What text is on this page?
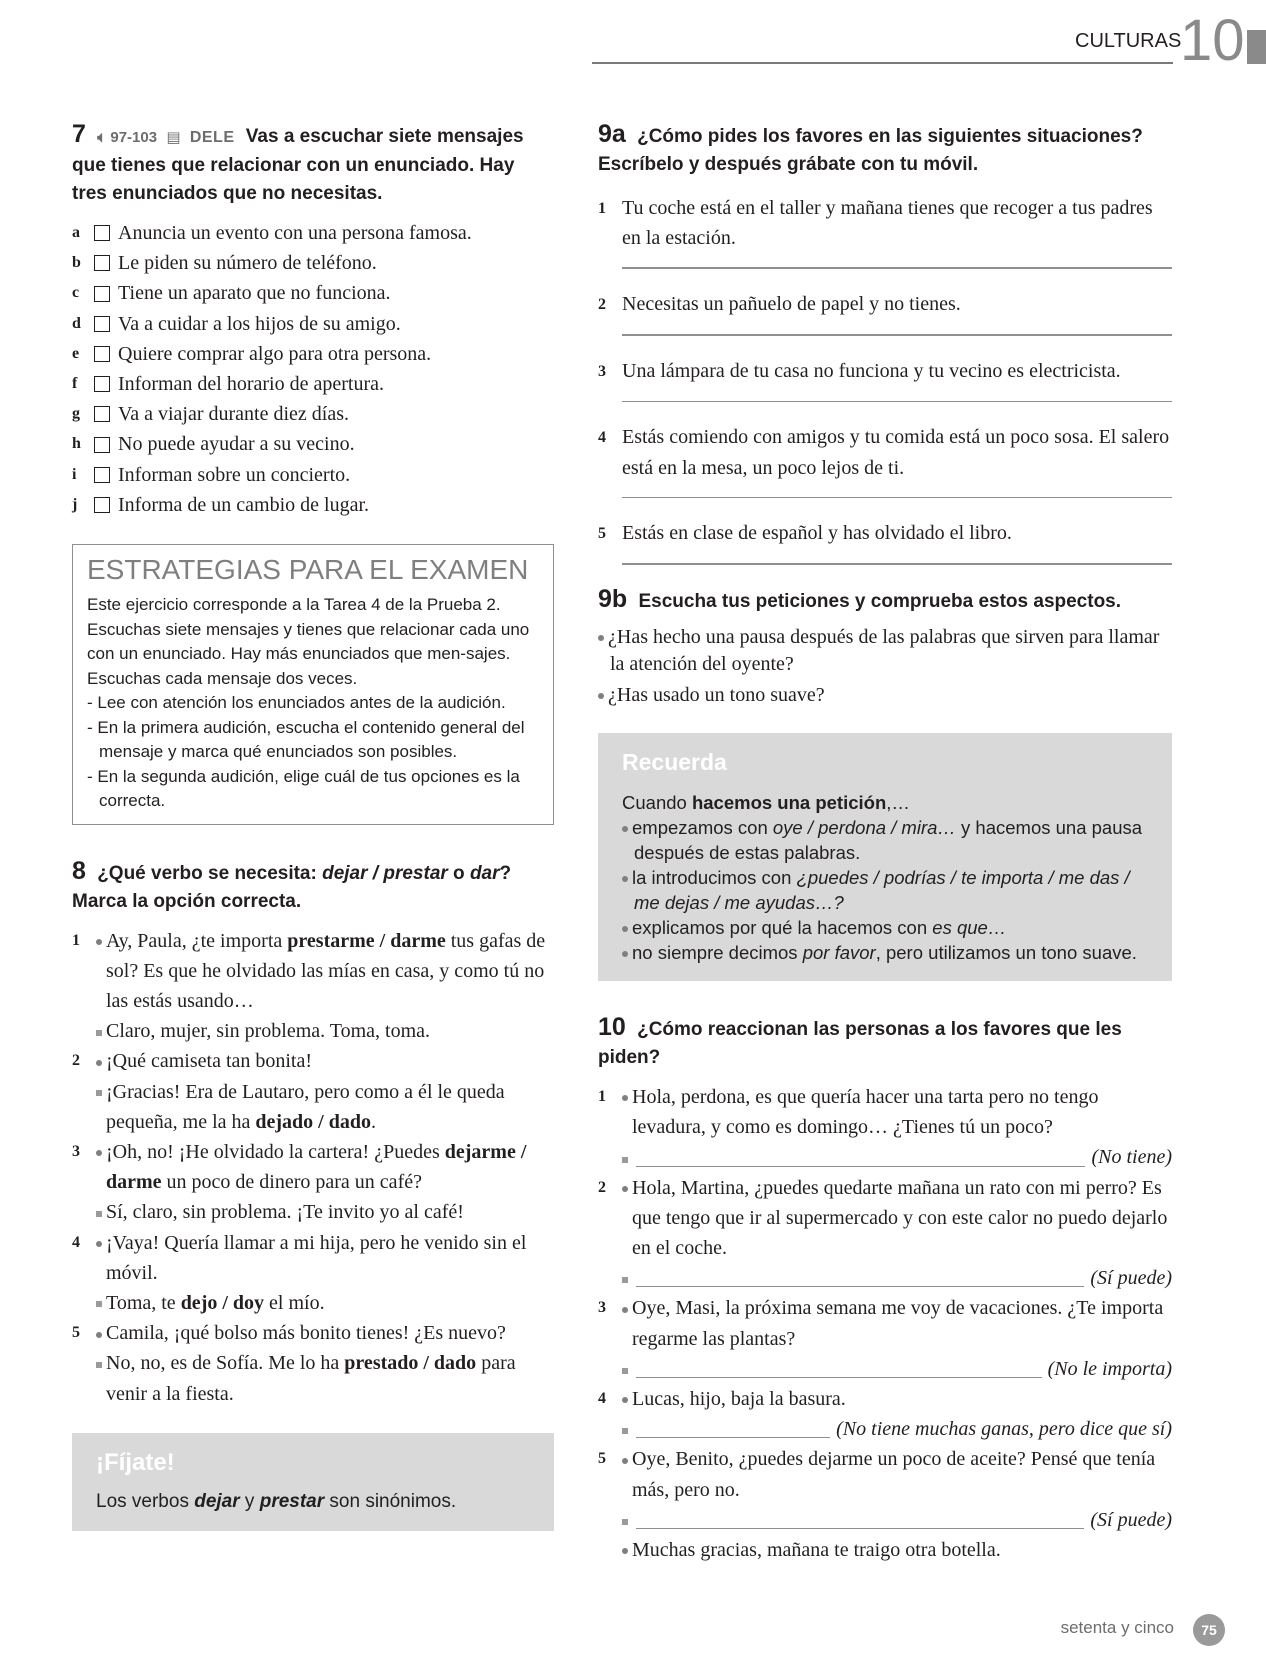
CULTURAS
10

7 🔈︎ 97-103 ▤ DELE Vas a escuchar siete mensajes que tienes que relacionar con un enunciado. Hay tres enunciados que no necesitas.

a	Anuncia un evento con una persona famosa.
b	Le piden su número de teléfono.
c	Tiene un aparato que no funciona.
d	Va a cuidar a los hijos de su amigo.
e	Quiere comprar algo para otra persona.
f	Informan del horario de apertura.
g	Va a viajar durante diez días.
h	No puede ayudar a su vecino.
i	Informan sobre un concierto.
j	Informa de un cambio de lugar.
ESTRATEGIAS PARA EL EXAMEN

Este ejercicio corresponde a la Tarea 4 de la Prueba 2. Escuchas siete mensajes y tienes que relacionar cada uno con un enunciado. Hay más enunciados que men-sajes. Escuchas cada mensaje dos veces.

- Lee con atención los enunciados antes de la audición.

- En la primera audición, escucha el contenido general del mensaje y marca qué enunciados son posibles.

- En la segunda audición, elige cuál de tus opciones es la correcta.

8 ¿Qué verbo se necesita: dejar / prestar o dar? Marca la opción correcta.

1	Ay, Paula, ¿te importa prestarme / darme tus gafas de sol? Es que he olvidado las mías en casa, y como tú no las estás usando…
Claro, mujer, sin problema. Toma, toma.
2	¡Qué camiseta tan bonita!
¡Gracias! Era de Lautaro, pero como a él le queda pequeña, me la ha dejado / dado.
3	¡Oh, no! ¡He olvidado la cartera! ¿Puedes dejarme / darme un poco de dinero para un café?
Sí, claro, sin problema. ¡Te invito yo al café!
4	¡Vaya! Quería llamar a mi hija, pero he venido sin el móvil.
Toma, te dejo / doy el mío.
5	Camila, ¡qué bolso más bonito tienes! ¿Es nuevo?
No, no, es de Sofía. Me lo ha prestado / dado para venir a la fiesta.
¡Fíjate!

Los verbos dejar y prestar son sinónimos.

9a ¿Cómo pides los favores en las siguientes situaciones? Escríbelo y después grábate con tu móvil.

1 Tu coche está en el taller y mañana tienes que recoger a tus padres en la estación.
2 Necesitas un pañuelo de papel y no tienes.
3 Una lámpara de tu casa no funciona y tu vecino es electricista.
4 Estás comiendo con amigos y tu comida está un poco sosa. El salero está en la mesa, un poco lejos de ti.
5 Estás en clase de español y has olvidado el libro.

9b Escucha tus peticiones y comprueba estos aspectos.

¿Has hecho una pausa después de las palabras que sirven para llamar la atención del oyente?

¿Has usado un tono suave?

Recuerda

Cuando hacemos una petición,…

empezamos con oye / perdona / mira… y hacemos una pausa después de estas palabras.

la introducimos con ¿puedes / podrías / te importa / me das / me dejas / me ayudas…?

explicamos por qué la hacemos con es que…

no siempre decimos por favor, pero utilizamos un tono suave.

10 ¿Cómo reaccionan las personas a los favores que les piden?

1	Hola, perdona, es que quería hacer una tarta pero no tengo levadura, y como es domingo… ¿Tienes tú un poco?
(No tiene)
2	Hola, Martina, ¿puedes quedarte mañana un rato con mi perro? Es que tengo que ir al supermercado y con este calor no puedo dejarlo en el coche.
(Sí puede)
3	Oye, Masi, la próxima semana me voy de vacaciones. ¿Te importa regarme las plantas?
(No le importa)
4	Lucas, hijo, baja la basura.
(No tiene muchas ganas, pero dice que sí)
5	Oye, Benito, ¿puedes dejarme un poco de aceite? Pensé que tenía más, pero no.
(Sí puede)
Muchas gracias, mañana te traigo otra botella.
setenta y cinco	75
